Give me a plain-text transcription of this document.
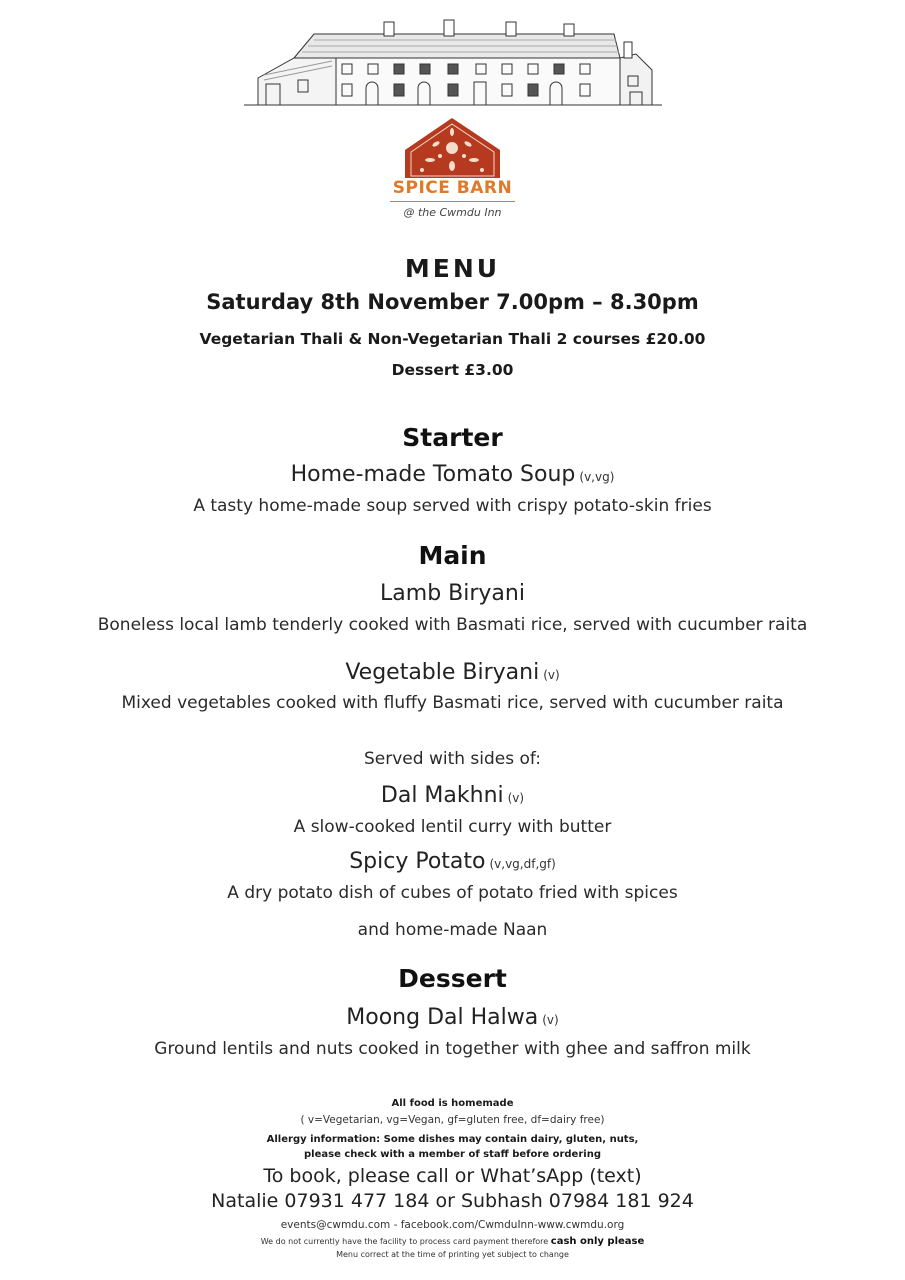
SPICE BARN
@ the Cwmdu Inn
MENU
Saturday 8th November 7.00pm – 8.30pm
Vegetarian Thali & Non-Vegetarian Thali 2 courses £20.00
Dessert £3.00
Starter
Home-made Tomato Soup (v,vg)
A tasty home-made soup served with crispy potato-skin fries
Main
Lamb Biryani
Boneless local lamb tenderly cooked with Basmati rice, served with cucumber raita
Vegetable Biryani (v)
Mixed vegetables cooked with fluffy Basmati rice, served with cucumber raita
Served with sides of:
Dal Makhni (v)
A slow-cooked lentil curry with butter
Spicy Potato (v,vg,df,gf)
A dry potato dish of cubes of potato fried with spices
and home-made Naan
Dessert
Moong Dal Halwa (v)
Ground lentils and nuts cooked in together with ghee and saffron milk
All food is homemade
( v=Vegetarian, vg=Vegan, gf=gluten free, df=dairy free)
Allergy information: Some dishes may contain dairy, gluten, nuts,
please check with a member of staff before ordering
To book, please call or What’sApp (text)
Natalie 07931 477 184 or Subhash 07984 181 924
events@cwmdu.com - facebook.com/CwmduInn-www.cwmdu.org
We do not currently have the facility to process card payment therefore cash only please
Menu correct at the time of printing yet subject to change
